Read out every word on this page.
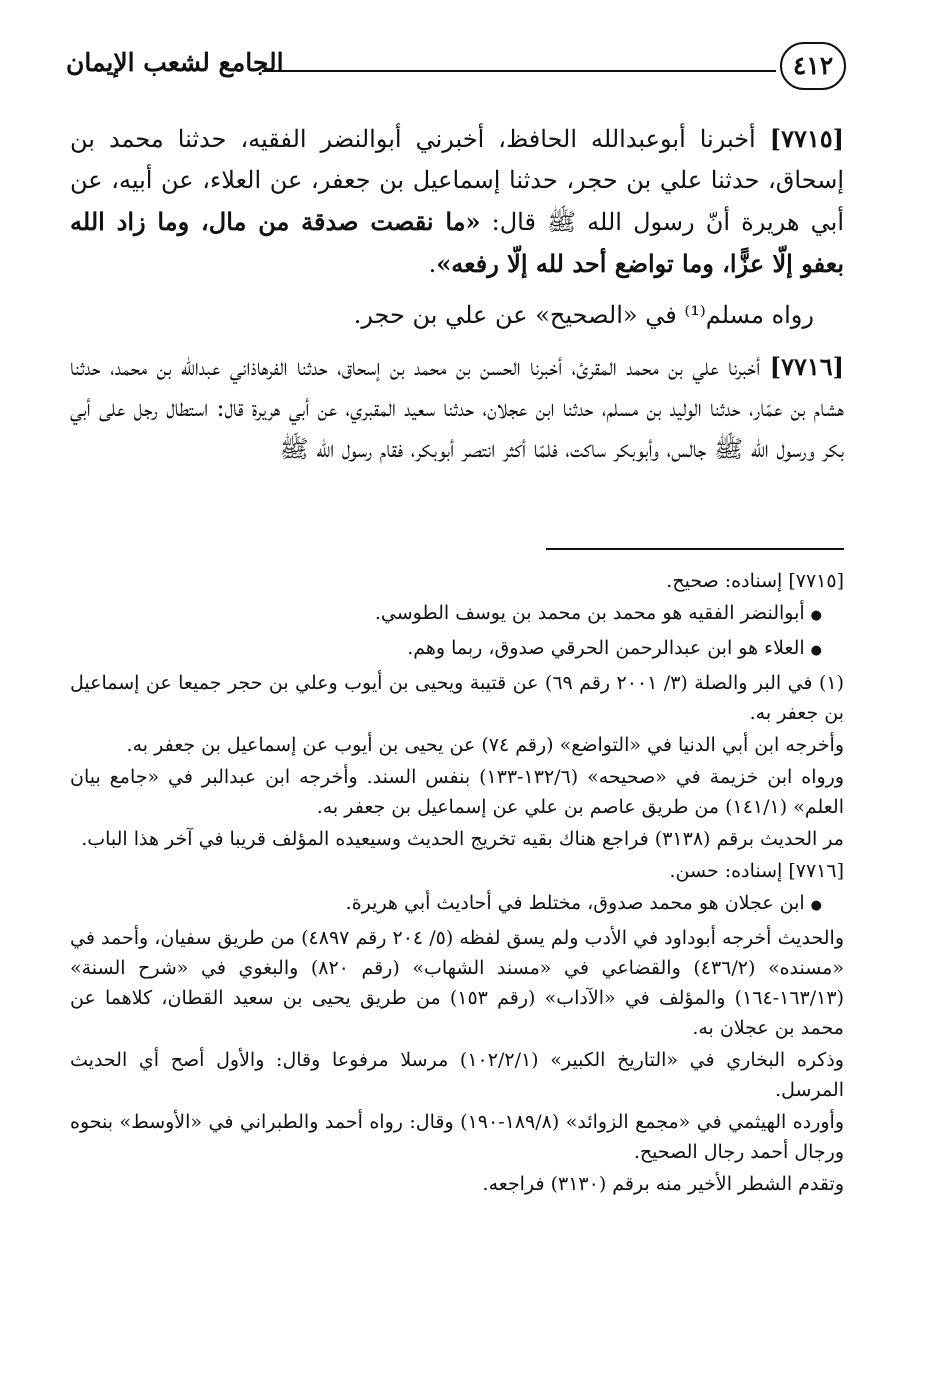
٤١٢
الجامع لشعب الإيمان

[٧٧١٥] أخبرنا أبوعبدالله الحافظ، أخبرني أبوالنضر الفقيه، حدثنا محمد بن إسحاق، حدثنا علي بن حجر، حدثنا إسماعيل بن جعفر، عن العلاء، عن أبيه، عن أبي هريرة أنّ رسول الله ﷺ قال: «ما نقصت صدقة من مال، وما زاد الله بعفو إلّا عزًّا، وما تواضع أحد لله إلّا رفعه».

رواه مسلم⁽¹⁾ في «الصحيح» عن علي بن حجر.

[٧٧١٦] أخبرنا علي بن محمد المقرئ، أخبرنا الحسن بن محمد بن إسحاق، حدثنا الفرهاذاني عبدالله بن محمد، حدثنا هشام بن عمّار، حدثنا الوليد بن مسلم، حدثنا ابن عجلان، حدثنا سعيد المقبري، عن أبي هريرة قال: استطال رجل على أبي بكر ورسول الله ﷺ جالس، وأبوبكر ساكت، فلمّا أكثر انتصر أبوبكر، فقام رسول الله ﷺ

[٧٧١٥] إسناده: صحيح.

● أبوالنضر الفقيه هو محمد بن محمد بن يوسف الطوسي.

● العلاء هو ابن عبدالرحمن الحرقي صدوق، ربما وهم.

(١) في البر والصلة (٣/ ٢٠٠١ رقم ٦٩) عن قتيبة ويحيى بن أيوب وعلي بن حجر جميعا عن إسماعيل بن جعفر به.

وأخرجه ابن أبي الدنيا في «التواضع» (رقم ٧٤) عن يحيى بن أيوب عن إسماعيل بن جعفر به.

ورواه ابن خزيمة في «صحيحه» (١٣٢/٦-١٣٣) بنفس السند. وأخرجه ابن عبدالبر في «جامع بيان العلم» (١٤١/١) من طريق عاصم بن علي عن إسماعيل بن جعفر به.

مر الحديث برقم (٣١٣٨) فراجع هناك بقيه تخريج الحديث وسيعيده المؤلف قريبا في آخر هذا الباب.

[٧٧١٦] إسناده: حسن.

● ابن عجلان هو محمد صدوق، مختلط في أحاديث أبي هريرة.

والحديث أخرجه أبوداود في الأدب ولم يسق لفظه (٥/ ٢٠٤ رقم ٤٨٩٧) من طريق سفيان، وأحمد في «مسنده» (٤٣٦/٢) والقضاعي في «مسند الشهاب» (رقم ٨٢٠) والبغوي في «شرح السنة» (١٦٣/١٣-١٦٤) والمؤلف في «الآداب» (رقم ١٥٣) من طريق يحيى بن سعيد القطان، كلاهما عن محمد بن عجلان به.

وذكره البخاري في «التاريخ الكبير» (١٠٢/٢/١) مرسلا مرفوعا وقال: والأول أصح أي الحديث المرسل.

وأورده الهيثمي في «مجمع الزوائد» (١٨٩/٨-١٩٠) وقال: رواه أحمد والطبراني في «الأوسط» بنحوه ورجال أحمد رجال الصحيح.

وتقدم الشطر الأخير منه برقم (٣١٣٠) فراجعه.
